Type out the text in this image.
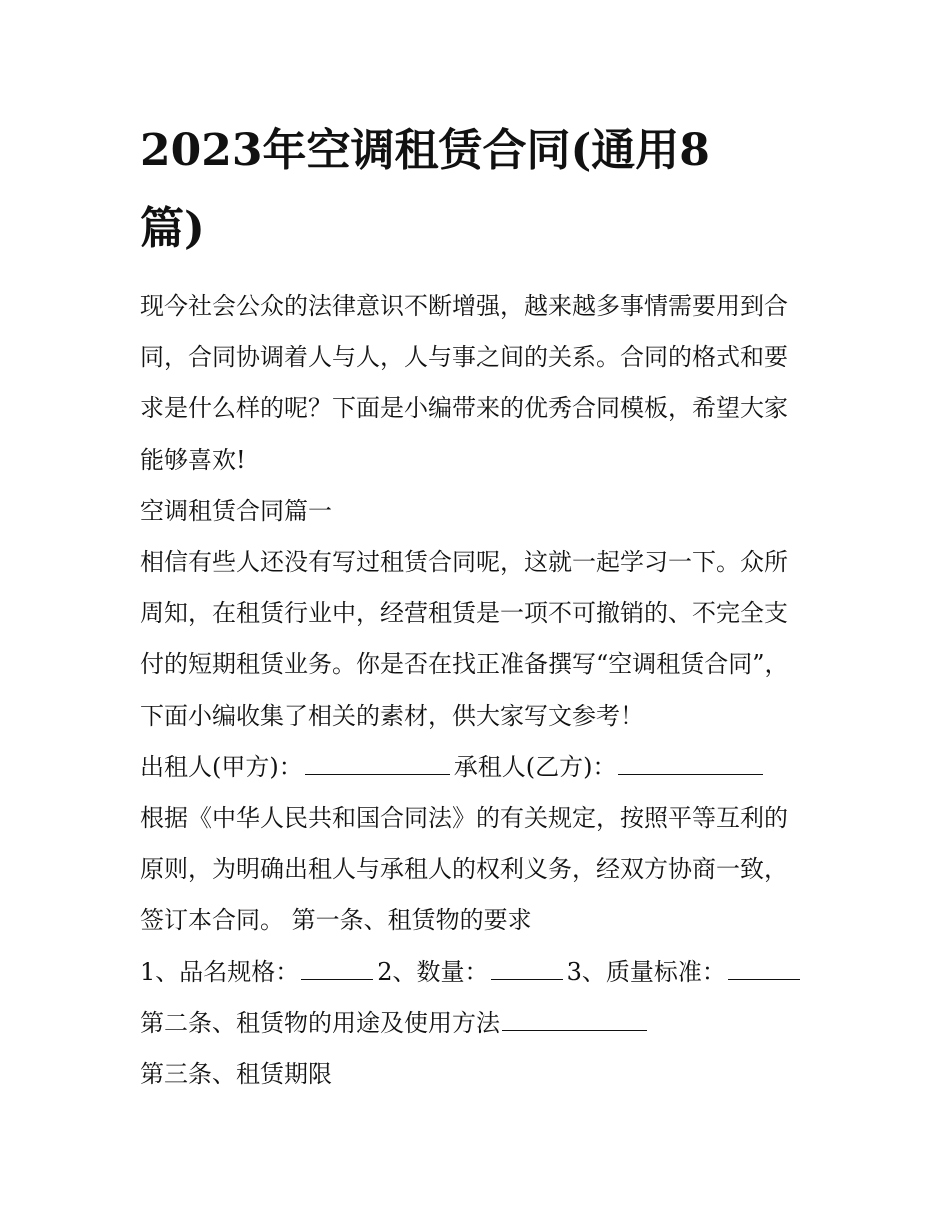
2023年空调租赁合同(通用8
篇)
现今社会公众的法律意识不断增强，越来越多事情需要用到合
同，合同协调着人与人，人与事之间的关系。合同的格式和要
求是什么样的呢？下面是小编带来的优秀合同模板，希望大家
能够喜欢!
空调租赁合同篇一
相信有些人还没有写过租赁合同呢，这就一起学习一下。众所
周知，在租赁行业中，经营租赁是一项不可撤销的、不完全支
付的短期租赁业务。你是否在找正准备撰写“空调租赁合同”，
下面小编收集了相关的素材，供大家写文参考！
出租人(甲方)：	承租人(乙方)：
根据《中华人民共和国合同法》的有关规定，按照平等互利的
原则，为明确出租人与承租人的权利义务，经双方协商一致，
签订本合同。 第一条、租赁物的要求
1、品名规格：	2、数量：	3、质量标准：
第二条、租赁物的用途及使用方法
第三条、租赁期限
